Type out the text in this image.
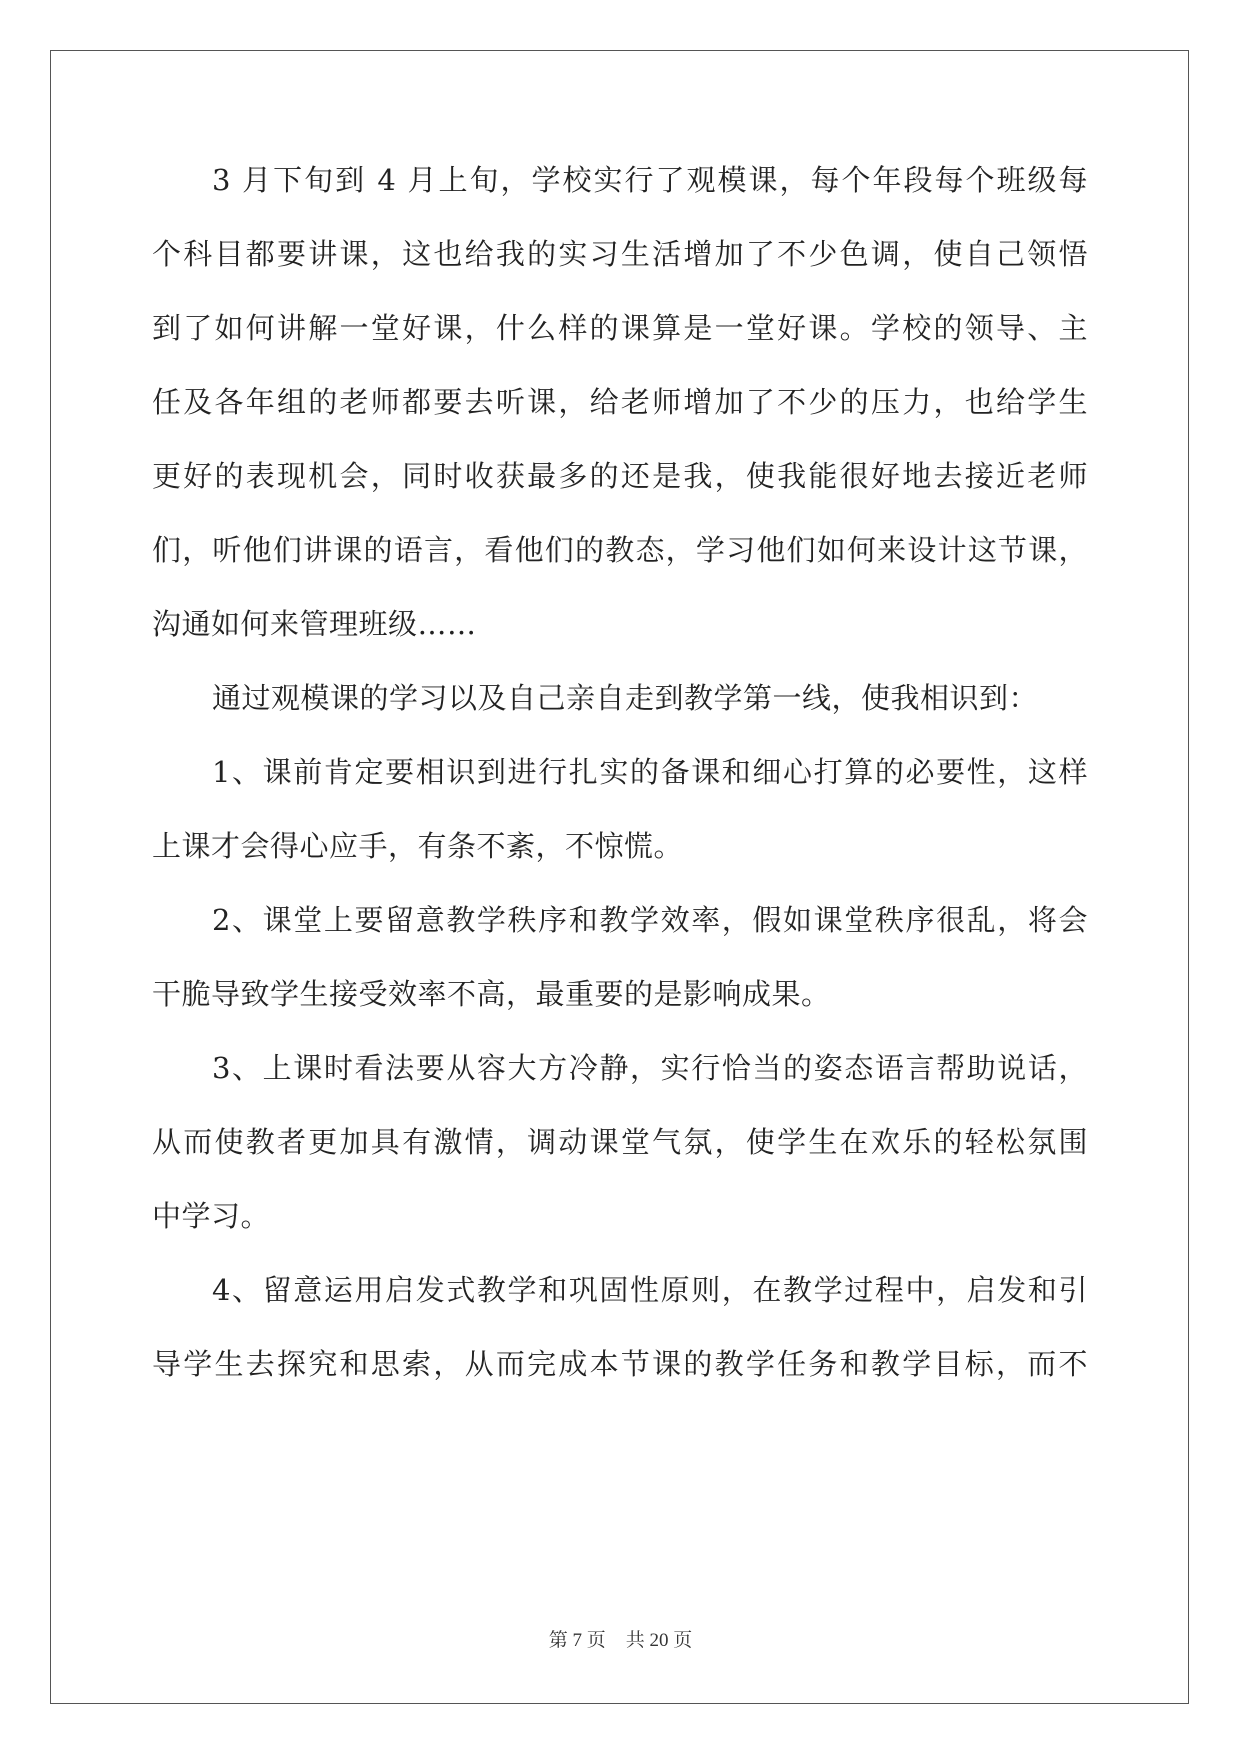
3 月下旬到 4 月上旬，学校实行了观模课，每个年段每个班级每
个科目都要讲课，这也给我的实习生活增加了不少色调，使自己领悟
到了如何讲解一堂好课，什么样的课算是一堂好课。学校的领导、主
任及各年组的老师都要去听课，给老师增加了不少的压力，也给学生
更好的表现机会，同时收获最多的还是我，使我能很好地去接近老师
们，听他们讲课的语言，看他们的教态，学习他们如何来设计这节课，
沟通如何来管理班级……
通过观模课的学习以及自己亲自走到教学第一线，使我相识到：
1、课前肯定要相识到进行扎实的备课和细心打算的必要性，这样
上课才会得心应手，有条不紊，不惊慌。
2、课堂上要留意教学秩序和教学效率，假如课堂秩序很乱，将会
干脆导致学生接受效率不高，最重要的是影响成果。
3、上课时看法要从容大方冷静，实行恰当的姿态语言帮助说话，
从而使教者更加具有激情，调动课堂气氛，使学生在欢乐的轻松氛围
中学习。
4、留意运用启发式教学和巩固性原则，在教学过程中，启发和引
导学生去探究和思索，从而完成本节课的教学任务和教学目标，而不
第 7 页 共 20 页
